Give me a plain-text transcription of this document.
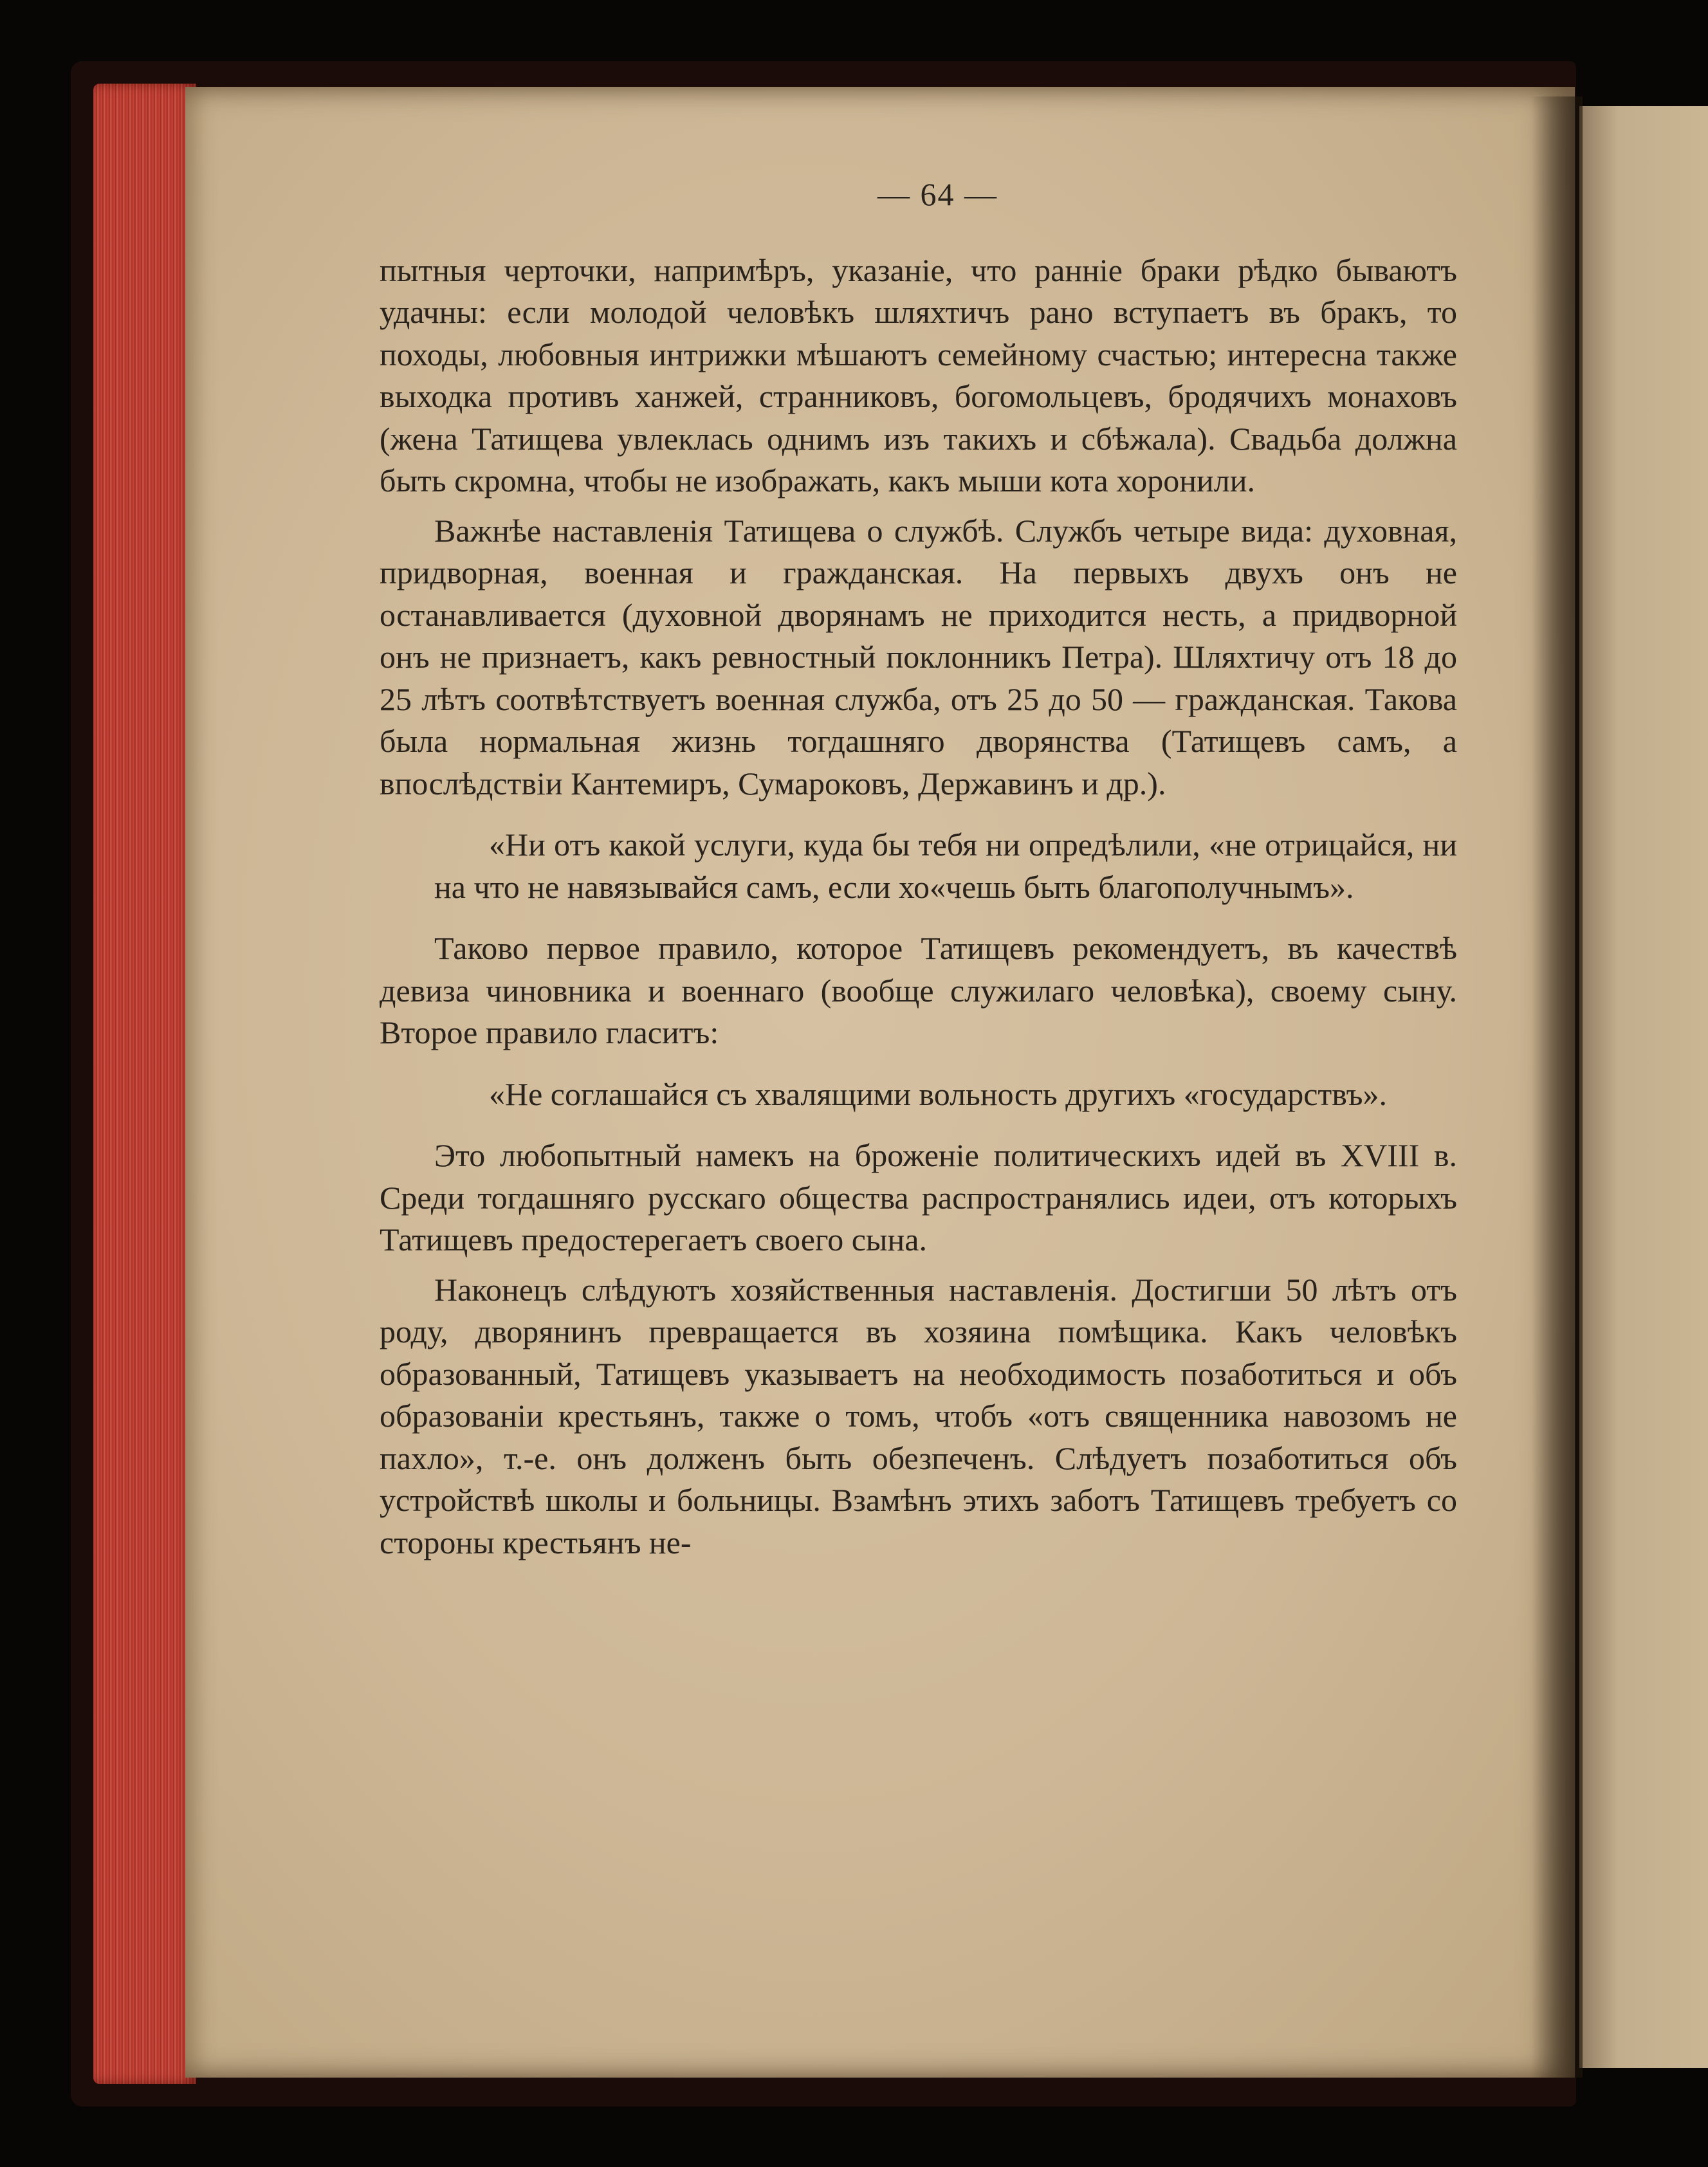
— 64 —

пытныя черточки, напримѣръ, указаніе, что ранніе браки рѣдко бываютъ удачны: если молодой человѣкъ шляхтичъ рано вступаетъ въ бракъ, то походы, любовныя интрижки мѣшаютъ семейному счастью; интересна также выходка противъ ханжей, странниковъ, богомольцевъ, бродячихъ монаховъ (жена Татищева увлеклась однимъ изъ такихъ и сбѣжала). Свадьба должна быть скромна, чтобы не изображать, какъ мыши кота хоронили.

Важнѣе наставленія Татищева о службѣ. Службъ четыре вида: духовная, придворная, военная и гражданская. На первыхъ двухъ онъ не останавливается (духовной дворянамъ не приходится несть, а придворной онъ не признаетъ, какъ ревностный поклонникъ Петра). Шляхтичу отъ 18 до 25 лѣтъ соотвѣтствуетъ военная служба, отъ 25 до 50 — гражданская. Такова была нормальная жизнь тогдашняго дворянства (Татищевъ самъ, а впослѣдствіи Кантемиръ, Сумароковъ, Державинъ и др.).

«Ни отъ какой услуги, куда бы тебя ни опредѣлили, «не отрицайся, ни на что не навязывайся самъ, если хо«чешь быть благополучнымъ».

Таково первое правило, которое Татищевъ рекомендуетъ, въ качествѣ девиза чиновника и военнаго (вообще служилаго человѣка), своему сыну. Второе правило гласитъ:

«Не соглашайся съ хвалящими вольность другихъ «государствъ».

Это любопытный намекъ на броженіе политическихъ идей въ XVIII в. Среди тогдашняго русскаго общества распространялись идеи, отъ которыхъ Татищевъ предостерегаетъ своего сына.

Наконецъ слѣдуютъ хозяйственныя наставленія. Достигши 50 лѣтъ отъ роду, дворянинъ превращается въ хозяина помѣщика. Какъ человѣкъ образованный, Татищевъ указываетъ на необходимость позаботиться и объ образованіи крестьянъ, также о томъ, чтобъ «отъ священника навозомъ не пахло», т.-е. онъ долженъ быть обезпеченъ. Слѣдуетъ позаботиться объ устройствѣ школы и больницы. Взамѣнъ этихъ заботъ Татищевъ требуетъ со стороны крестьянъ не-
